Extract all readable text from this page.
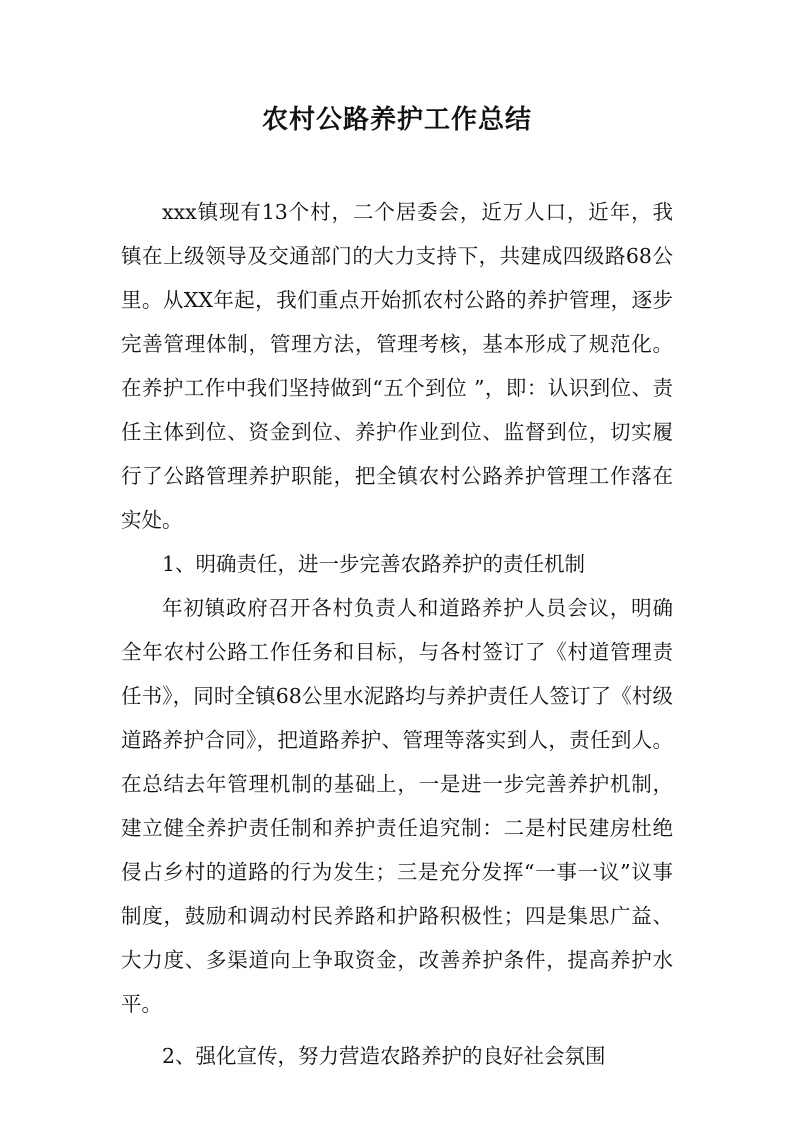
农村公路养护工作总结

xxx镇现有13个村，二个居委会，近万人口，近年，我镇在上级领导及交通部门的大力支持下，共建成四级路68公里。从XX年起，我们重点开始抓农村公路的养护管理，逐步完善管理体制，管理方法，管理考核，基本形成了规范化。在养护工作中我们坚持做到“五个到位 ”，即：认识到位、责任主体到位、资金到位、养护作业到位、监督到位，切实履行了公路管理养护职能，把全镇农村公路养护管理工作落在实处。

1、明确责任，进一步完善农路养护的责任机制

年初镇政府召开各村负责人和道路养护人员会议，明确全年农村公路工作任务和目标，与各村签订了《村道管理责任书》，同时全镇68公里水泥路均与养护责任人签订了《村级道路养护合同》，把道路养护、管理等落实到人，责任到人。在总结去年管理机制的基础上，一是进一步完善养护机制，建立健全养护责任制和养护责任追究制：二是村民建房杜绝侵占乡村的道路的行为发生；三是充分发挥“一事一议”议事制度，鼓励和调动村民养路和护路积极性；四是集思广益、大力度、多渠道向上争取资金，改善养护条件，提高养护水平。

2、强化宣传，努力营造农路养护的良好社会氛围
